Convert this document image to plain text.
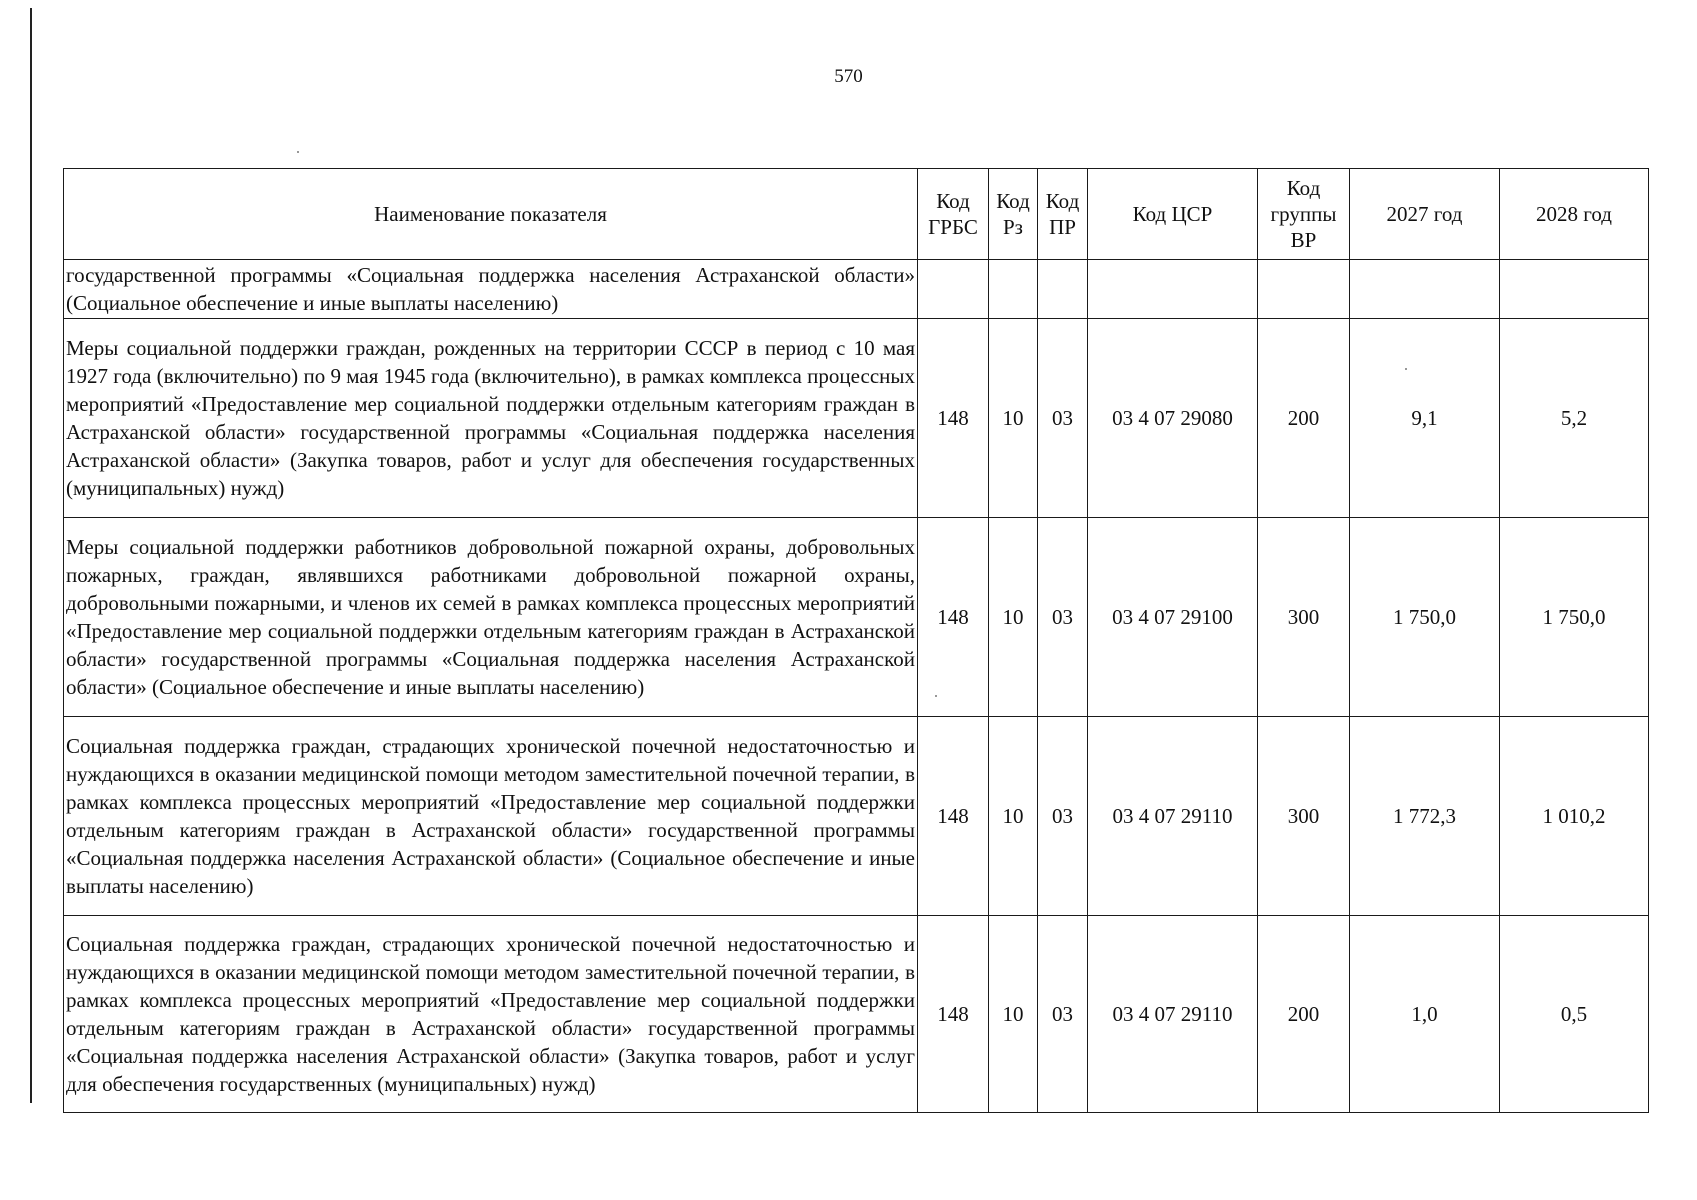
570
Наименование показателя	Код ГРБС	Код Рз	Код ПР	Код ЦСР	Код группы ВР	2027 год	2028 год
государственной программы «Социальная поддержка населения Астраханской области» (Социальное обеспечение и иные выплаты населению)							
Меры социальной поддержки граждан, рожденных на территории СССР в период с 10 мая 1927 года (включительно) по 9 мая 1945 года (включительно), в рамках комплекса процессных мероприятий «Предоставление мер социальной поддержки отдельным категориям граждан в Астраханской области» государственной программы «Социальная поддержка населения Астраханской области» (Закупка товаров, работ и услуг для обеспечения государственных (муниципальных) нужд)	148	10	03	03 4 07 29080	200	9,1	5,2
Меры социальной поддержки работников добровольной пожарной охраны, добровольных пожарных, граждан, являвшихся работниками добровольной пожарной охраны, добровольными пожарными, и членов их семей в рамках комплекса процессных мероприятий «Предоставление мер социальной поддержки отдельным категориям граждан в Астраханской области» государственной программы «Социальная поддержка населения Астраханской области» (Социальное обеспечение и иные выплаты населению)	148	10	03	03 4 07 29100	300	1 750,0	1 750,0
Социальная поддержка граждан, страдающих хронической почечной недостаточностью и нуждающихся в оказании медицинской помощи методом заместительной почечной терапии, в рамках комплекса процессных мероприятий «Предоставление мер социальной поддержки отдельным категориям граждан в Астраханской области» государственной программы «Социальная поддержка населения Астраханской области» (Социальное обеспечение и иные выплаты населению)	148	10	03	03 4 07 29110	300	1 772,3	1 010,2
Социальная поддержка граждан, страдающих хронической почечной недостаточностью и нуждающихся в оказании медицинской помощи методом заместительной почечной терапии, в рамках комплекса процессных мероприятий «Предоставление мер социальной поддержки отдельным категориям граждан в Астраханской области» государственной программы «Социальная поддержка населения Астраханской области» (Закупка товаров, работ и услуг для обеспечения государственных (муниципальных) нужд)	148	10	03	03 4 07 29110	200	1,0	0,5
